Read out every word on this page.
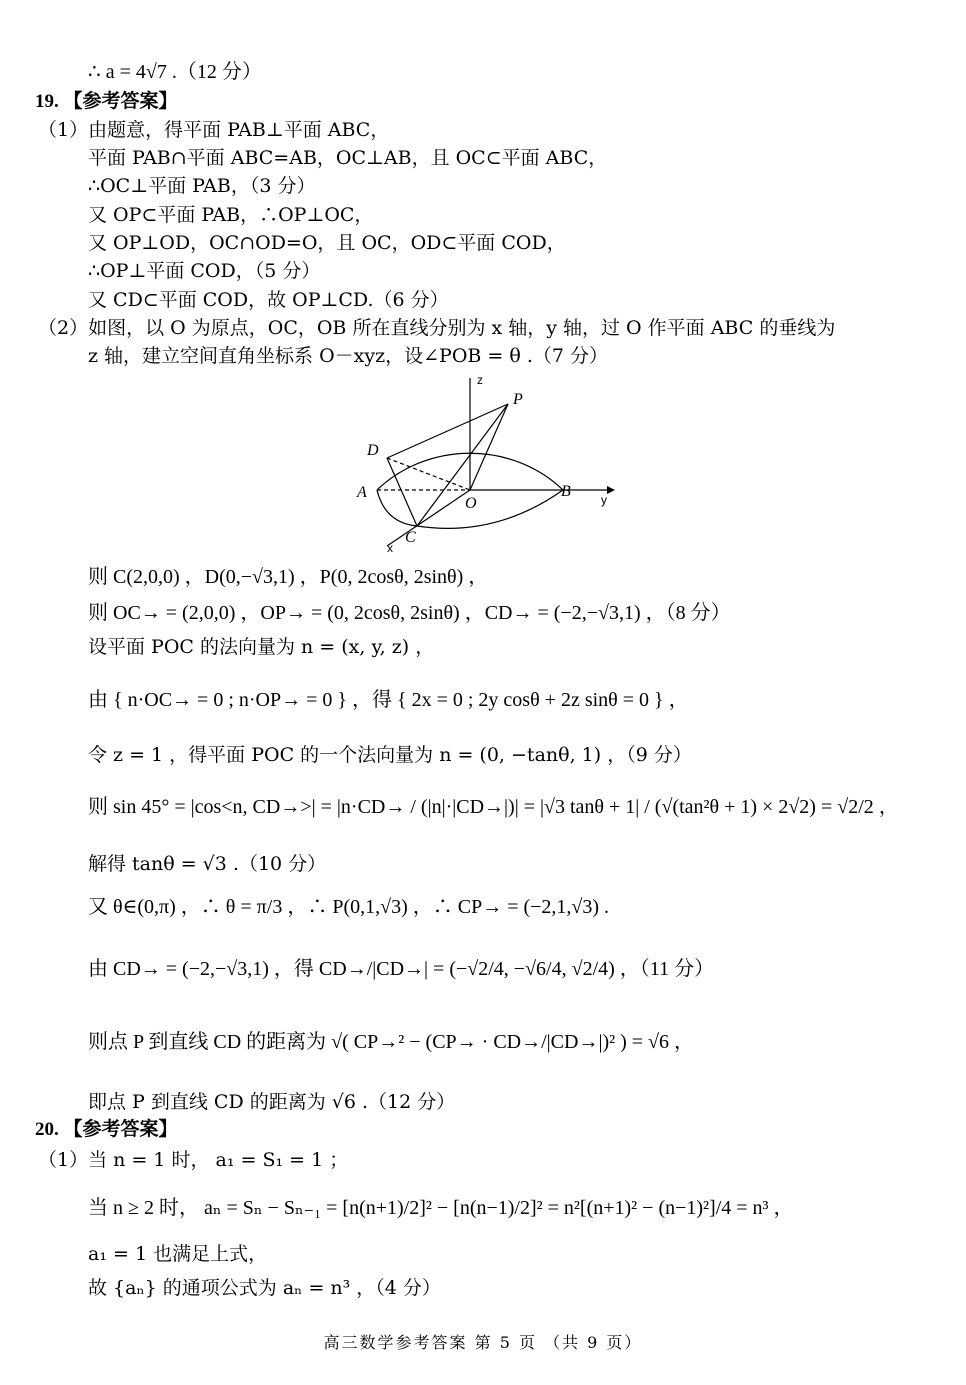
∴ a = 4√7 .（12 分）
19. 【参考答案】
（1）由题意，得平面 PAB⊥平面 ABC，
平面 PAB∩平面 ABC=AB，OC⊥AB，且 OC⊂平面 ABC，
∴OC⊥平面 PAB，（3 分）
又 OP⊂平面 PAB，∴OP⊥OC，
又 OP⊥OD，OC∩OD=O，且 OC，OD⊂平面 COD，
∴OP⊥平面 COD，（5 分）
又 CD⊂平面 COD，故 OP⊥CD.（6 分）
（2）如图，以 O 为原点，OC，OB 所在直线分别为 x 轴，y 轴，过 O 作平面 ABC 的垂线为
z 轴，建立空间直角坐标系 O－xyz，设∠POB = θ .（7 分）
z
P
D
A
O
B	y
C
x
则 C(2,0,0) ，D(0,−√3,1) ，P(0, 2cosθ, 2sinθ) ，
则 OC→ = (2,0,0) ，OP→ = (0, 2cosθ, 2sinθ) ，CD→ = (−2,−√3,1) ，（8 分）
设平面 POC 的法向量为 n = (x, y, z) ，
由 { n·OC→ = 0 ; n·OP→ = 0 } ，得 { 2x = 0 ; 2y cosθ + 2z sinθ = 0 } ，
令 z = 1 ，得平面 POC 的一个法向量为 n = (0, −tanθ, 1) ，（9 分）
则 sin 45° = |cos<n, CD→>| = |n·CD→ / (|n|·|CD→|)| = |√3 tanθ + 1| / (√(tan²θ + 1) × 2√2) = √2/2 ，
解得 tanθ = √3 .（10 分）
又 θ∈(0,π) ，∴ θ = π/3 ，∴ P(0,1,√3) ，∴ CP→ = (−2,1,√3) .
由 CD→ = (−2,−√3,1) ，得 CD→/|CD→| = (−√2/4, −√6/4, √2/4) ，（11 分）
则点 P 到直线 CD 的距离为 √( CP→² − (CP→ · CD→/|CD→|)² ) = √6 ，
即点 P 到直线 CD 的距离为 √6 .（12 分）
20. 【参考答案】
（1）当 n = 1 时， a₁ = S₁ = 1 ；
当 n ≥ 2 时， aₙ = Sₙ − Sₙ₋₁ = [n(n+1)/2]² − [n(n−1)/2]² = n²[(n+1)² − (n−1)²]/4 = n³ ，
a₁ = 1 也满足上式，
故 {aₙ} 的通项公式为 aₙ = n³ ，（4 分）
高三数学参考答案 第 5 页 （共 9 页）
